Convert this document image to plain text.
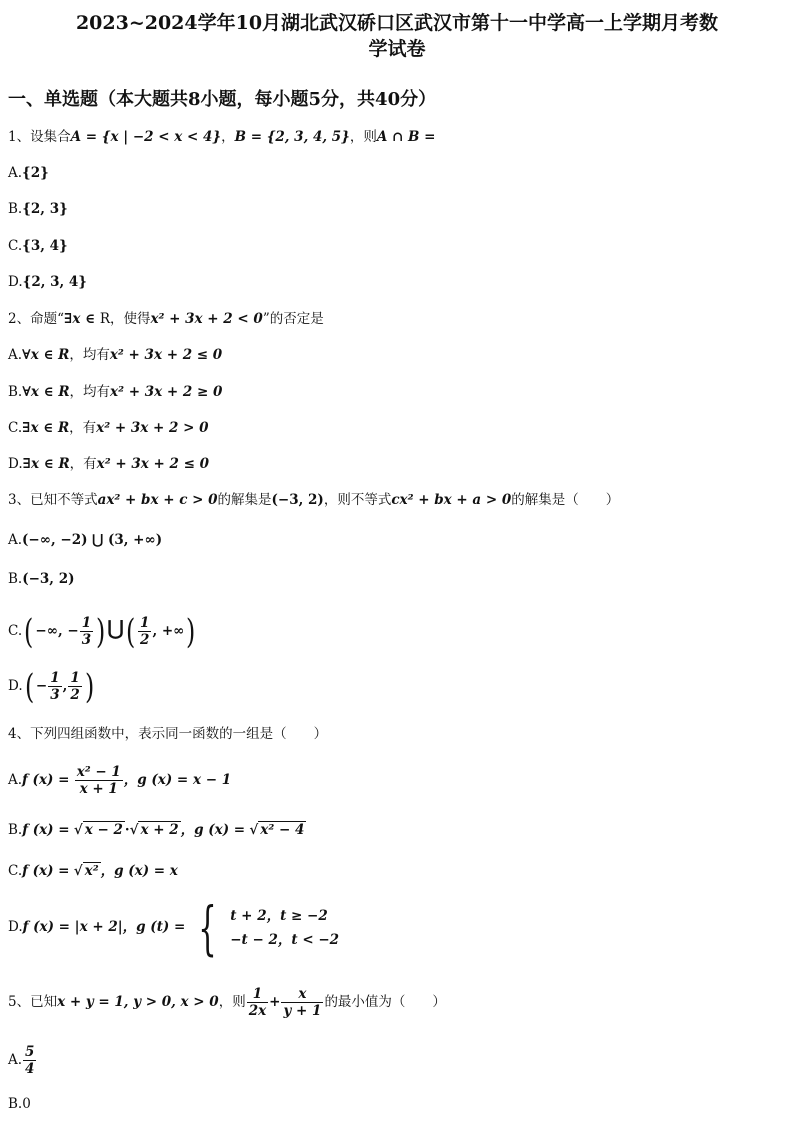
2023~2024学年10月湖北武汉硚口区武汉市第十一中学高一上学期月考数
学试卷
一、单选题（本大题共8小题，每小题5分，共40分）
1、设集合A = {x | −2 < x < 4}，B = {2, 3, 4, 5}，则A ∩ B =
A.{2}
B.{2, 3}
C.{3, 4}
D.{2, 3, 4}
2、命题“∃x ∈ R，使得x² + 3x + 2 < 0”的否定是
A.∀x ∈ R，均有x² + 3x + 2 ≤ 0
B.∀x ∈ R，均有x² + 3x + 2 ≥ 0
C.∃x ∈ R，有x² + 3x + 2 > 0
D.∃x ∈ R，有x² + 3x + 2 ≤ 0
3、已知不等式ax² + bx + c > 0的解集是(−3, 2)，则不等式cx² + bx + a > 0的解集是（　　）
A.(−∞, −2) ⋃ (3, +∞)
B.(−3, 2)
C.( −∞, − $\frac{1}{3}$ )⋃( $\frac{1}{2}$ , +∞)
$D.( - \frac{1}{3}$ , $\frac{1}{2}$ )
4、下列四组函数中，表示同一函数的一组是（　　）
A.f $(x) = \frac{\text{x² − 1}}{x + 1}$ ，g (x) = x − 1
B.f (x) = √ x − 2 ·√ x + 2 ，g (x) = √ x² − 4
C.f (x) = √ x² ，g (x) = x
D.f (x) = |x + 2|，g (t) = { t + 2，t ≥ −2
−t − 2，t < −2
5、已知x + y = 1, y > 0, x > 0，则 $\frac{1}{2x} + \frac{x}{y + 1}$ 的最小值为（　　）
A. $\frac{5}{4}$
B.0
